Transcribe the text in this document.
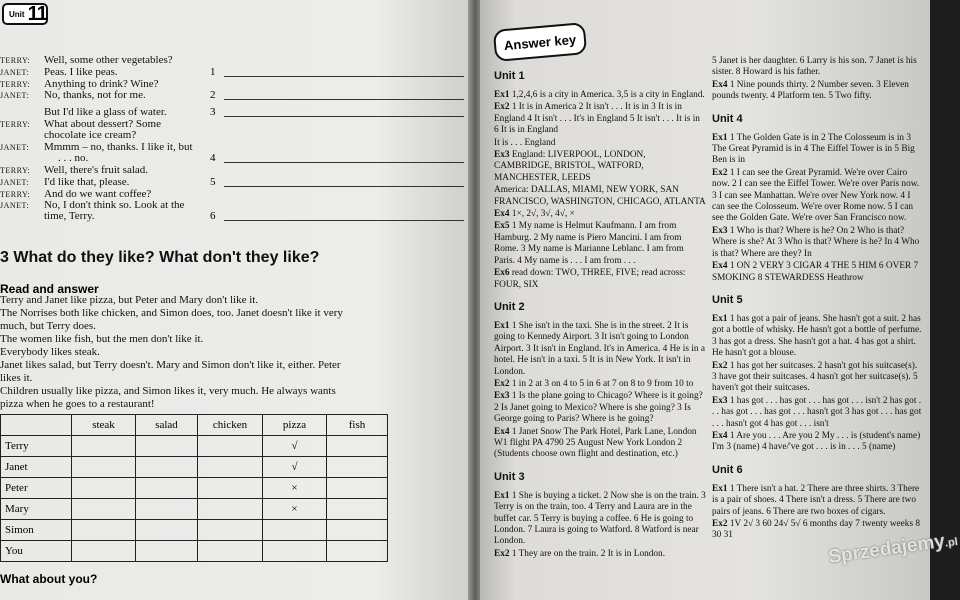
Unit 11
TERRY: Well, some other vegetables?
JANET: Peas. I like peas.
TERRY: Anything to drink? Wine?
JANET: No, thanks, not for me.
But I'd like a glass of water.
TERRY: What about dessert? Some
chocolate ice cream?
JANET: Mmmm – no, thanks. I like it, but
. . . no.
TERRY: Well, there's fruit salad.
JANET: I'd like that, please.
TERRY: And do we want coffee?
JANET: No, I don't think so. Look at the
time, Terry.
1
2
3
4
5
6
3 What do they like? What don't they like?
Read and answer
Terry and Janet like pizza, but Peter and Mary don't like it.
The Norrises both like chicken, and Simon does, too. Janet doesn't like it very
much, but Terry does.
The women like fish, but the men don't like it.
Everybody likes steak.
Janet likes salad, but Terry doesn't. Mary and Simon don't like it, either. Peter
likes it.
Children usually like pizza, and Simon likes it, very much. He always wants
pizza when he goes to a restaurant!
	steak	salad	chicken	pizza	fish
Terry				√	
Janet				√	
Peter				×	
Mary				×	
Simon					
You					
What about you?
Answer key
Unit 1
Ex1 1,2,4,6 is a city in America. 3,5 is a city in England.
Ex2 1 It is in America 2 It isn't . . . It is in 3 It is in England 4 It isn't . . . It's in England 5 It isn't . . . It is in 6 It is in England
It is . . . England
Ex3 England: LIVERPOOL, LONDON, CAMBRIDGE, BRISTOL, WATFORD, MANCHESTER, LEEDS
America: DALLAS, MIAMI, NEW YORK, SAN FRANCISCO, WASHINGTON, CHICAGO, ATLANTA
Ex4 1×, 2√, 3√, 4√, ×
Ex5 1 My name is Helmut Kaufmann. I am from Hamburg. 2 My name is Piero Mancini. I am from Rome. 3 My name is Marianne Leblanc. I am from Paris. 4 My name is . . . I am from . . .
Ex6 read down: TWO, THREE, FIVE; read across: FOUR, SIX
Unit 2
Ex1 1 She isn't in the taxi. She is in the street. 2 It is going to Kennedy Airport. 3 It isn't going to London Airport. 3 It isn't in England. It's in America. 4 He is in a hotel. He isn't in a taxi. 5 It is in New York. It isn't in London.
Ex2 1 in 2 at 3 on 4 to 5 in 6 at 7 on 8 to 9 from 10 to
Ex3 1 Is the plane going to Chicago? Where is it going? 2 Is Janet going to Mexico? Where is she going? 3 Is George going to Paris? Where is he going?
Ex4 1 Janet Snow The Park Hotel, Park Lane, London W1 flight PA 4790 25 August New York London 2 (Students choose own flight and destination, etc.)
Unit 3
Ex1 1 She is buying a ticket. 2 Now she is on the train. 3 Terry is on the train, too. 4 Terry and Laura are in the buffet car. 5 Terry is buying a coffee. 6 He is going to London. 7 Laura is going to Watford. 8 Watford is near London.
Ex2 1 They are on the train. 2 It is in London.
5 Janet is her daughter. 6 Larry is his son. 7 Janet is his sister. 8 Howard is his father.
Ex4 1 Nine pounds thirty. 2 Number seven. 3 Eleven pounds twenty. 4 Platform ten. 5 Two fifty.
Unit 4
Ex1 1 The Golden Gate is in 2 The Colosseum is in 3 The Great Pyramid is in 4 The Eiffel Tower is in 5 Big Ben is in
Ex2 1 I can see the Great Pyramid. We're over Cairo now. 2 I can see the Eiffel Tower. We're over Paris now. 3 I can see Manhattan. We're over New York now. 4 I can see the Colosseum. We're over Rome now. 5 I can see the Golden Gate. We're over San Francisco now.
Ex3 1 Who is that? Where is he? On 2 Who is that? Where is she? At 3 Who is that? Where is he? In 4 Who is that? Where are they? In
Ex4 1 ON 2 VERY 3 CIGAR 4 THE 5 HIM 6 OVER 7 SMOKING 8 STEWARDESS Heathrow
Unit 5
Ex1 1 has got a pair of jeans. She hasn't got a suit. 2 has got a bottle of whisky. He hasn't got a bottle of perfume. 3 has got a dress. She hasn't got a hat. 4 has got a shirt. He hasn't got a blouse.
Ex2 1 has got her suitcases. 2 hasn't got his suitcase(s). 3 have got their suitcases. 4 hasn't got her suitcase(s). 5 haven't got their suitcases.
Ex3 1 has got . . . has got . . . has got . . . isn't 2 has got . . . has got . . . has got . . . hasn't got 3 has got . . . has got . . . hasn't got 4 has got . . . isn't
Ex4 1 Are you . . . Are you 2 My . . . is (student's name) I'm 3 (name) 4 have/'ve got . . . is in . . . 5 (name)
Unit 6
Ex1 1 There isn't a hat. 2 There are three shirts. 3 There is a pair of shoes. 4 There isn't a dress. 5 There are two pairs of jeans. 6 There are two boxes of cigars.
Ex2 1V 2√ 3 60 24√ 5√ 6 months day 7 twenty weeks 8 30 31	Sprzedajemy.pl
